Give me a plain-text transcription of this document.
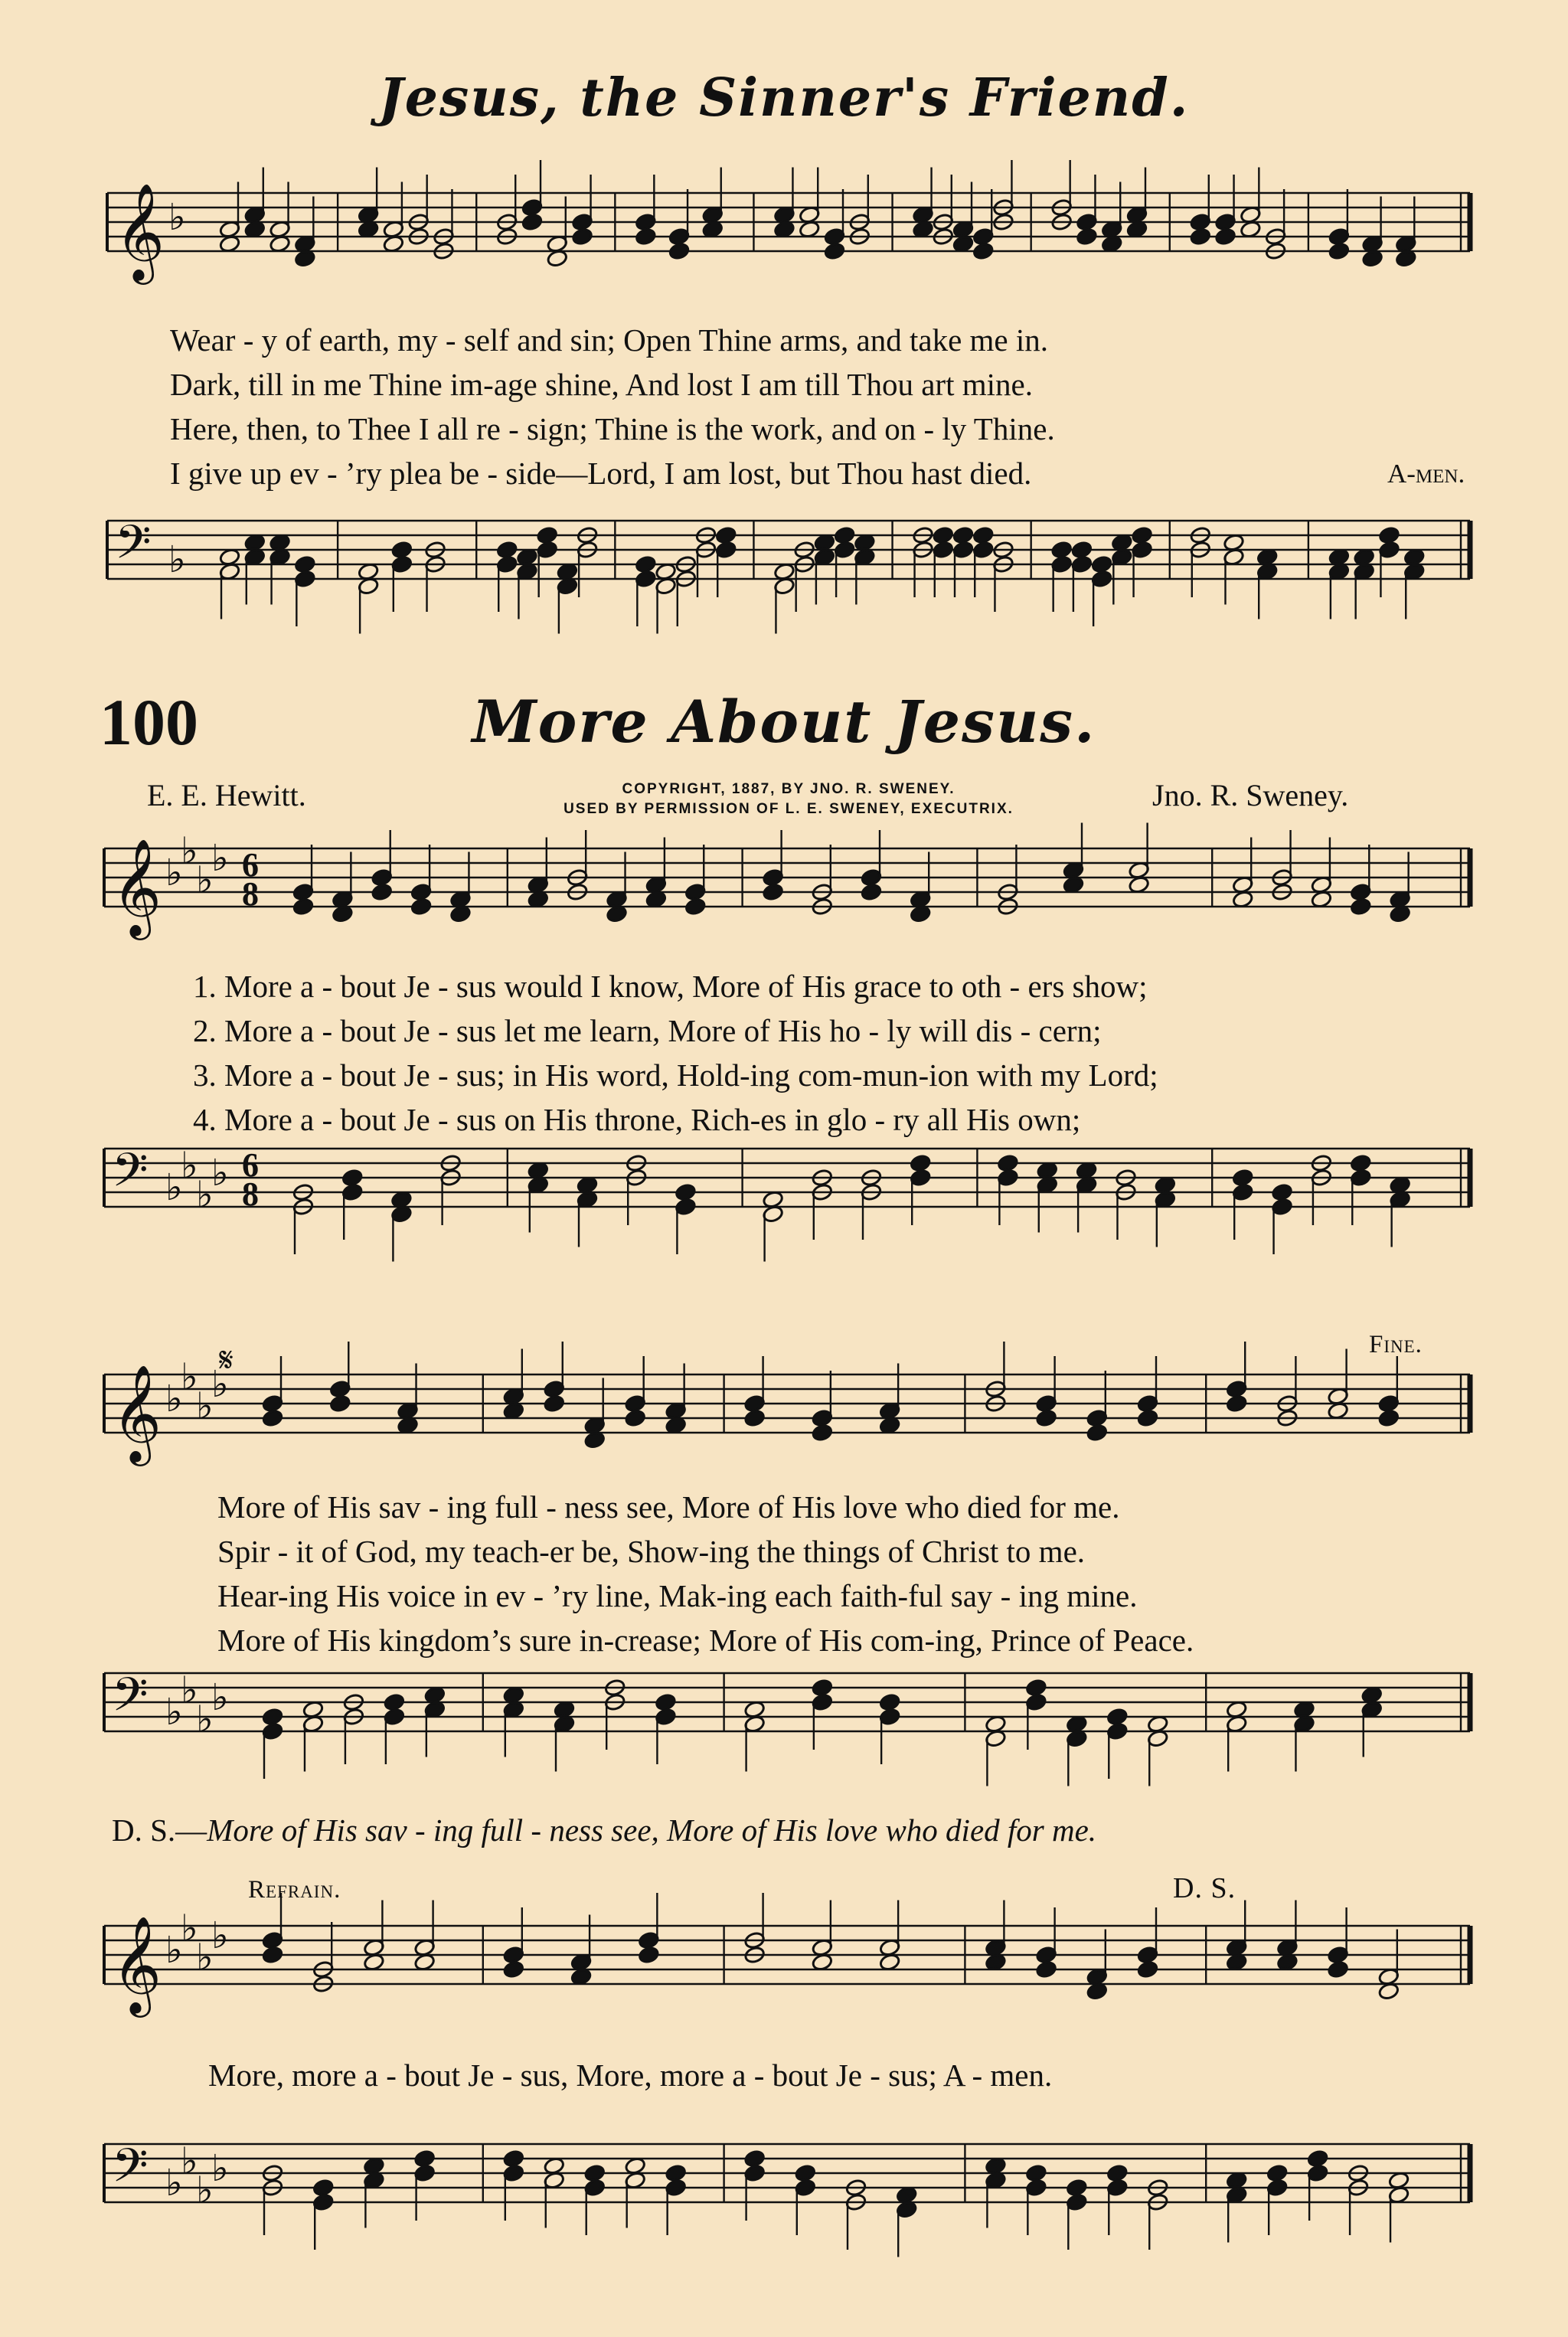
Jesus, the Sinner's Friend.
𝄞 ♭
Wear - y of earth, my - self and sin; Open Thine arms, and take me in.
Dark, till in me Thine im-age shine, And lost I am till Thou art mine.
Here, then, to Thee I all re - sign; Thine is the work, and on - ly Thine.
I give up ev - ’ry plea be - side—Lord, I am lost, but Thou hast died.	A-men.
𝄢 ♭
100	More About Jesus.
E. E. Hewitt.	COPYRIGHT, 1887, BY JNO. R. SWENEY.
USED BY PERMISSION OF L. E. SWENEY, EXECUTRIX.	Jno. R. Sweney.
𝄞 ♭
♭
♭
♭ 6
8
1. More a - bout Je - sus would I know, More of His grace to oth - ers show;
2. More a - bout Je - sus let me learn, More of His ho - ly will dis - cern;
3. More a - bout Je - sus; in His word, Hold-ing com-mun-ion with my Lord;
4. More a - bout Je - sus on His throne, Rich-es in glo - ry all His own;
𝄢 ♭
♭
♭
♭ 6
8
Fine.
𝄞 ♭
♭
♭
♭
𝄋
More of His sav - ing full - ness see, More of His love who died for me.
Spir - it of God, my teach-er be, Show-ing the things of Christ to me.
Hear-ing His voice in ev - ’ry line, Mak-ing each faith-ful say - ing mine.
More of His kingdom’s sure in-crease; More of His com-ing, Prince of Peace.
𝄢 ♭
♭
♭
♭
D. S.—More of His sav - ing full - ness see, More of His love who died for me.
Refrain.	D. S.
𝄞 ♭
♭
♭
♭
More, more a - bout Je - sus, More, more a - bout Je - sus; A - men.
𝄢 ♭
♭
♭
♭
